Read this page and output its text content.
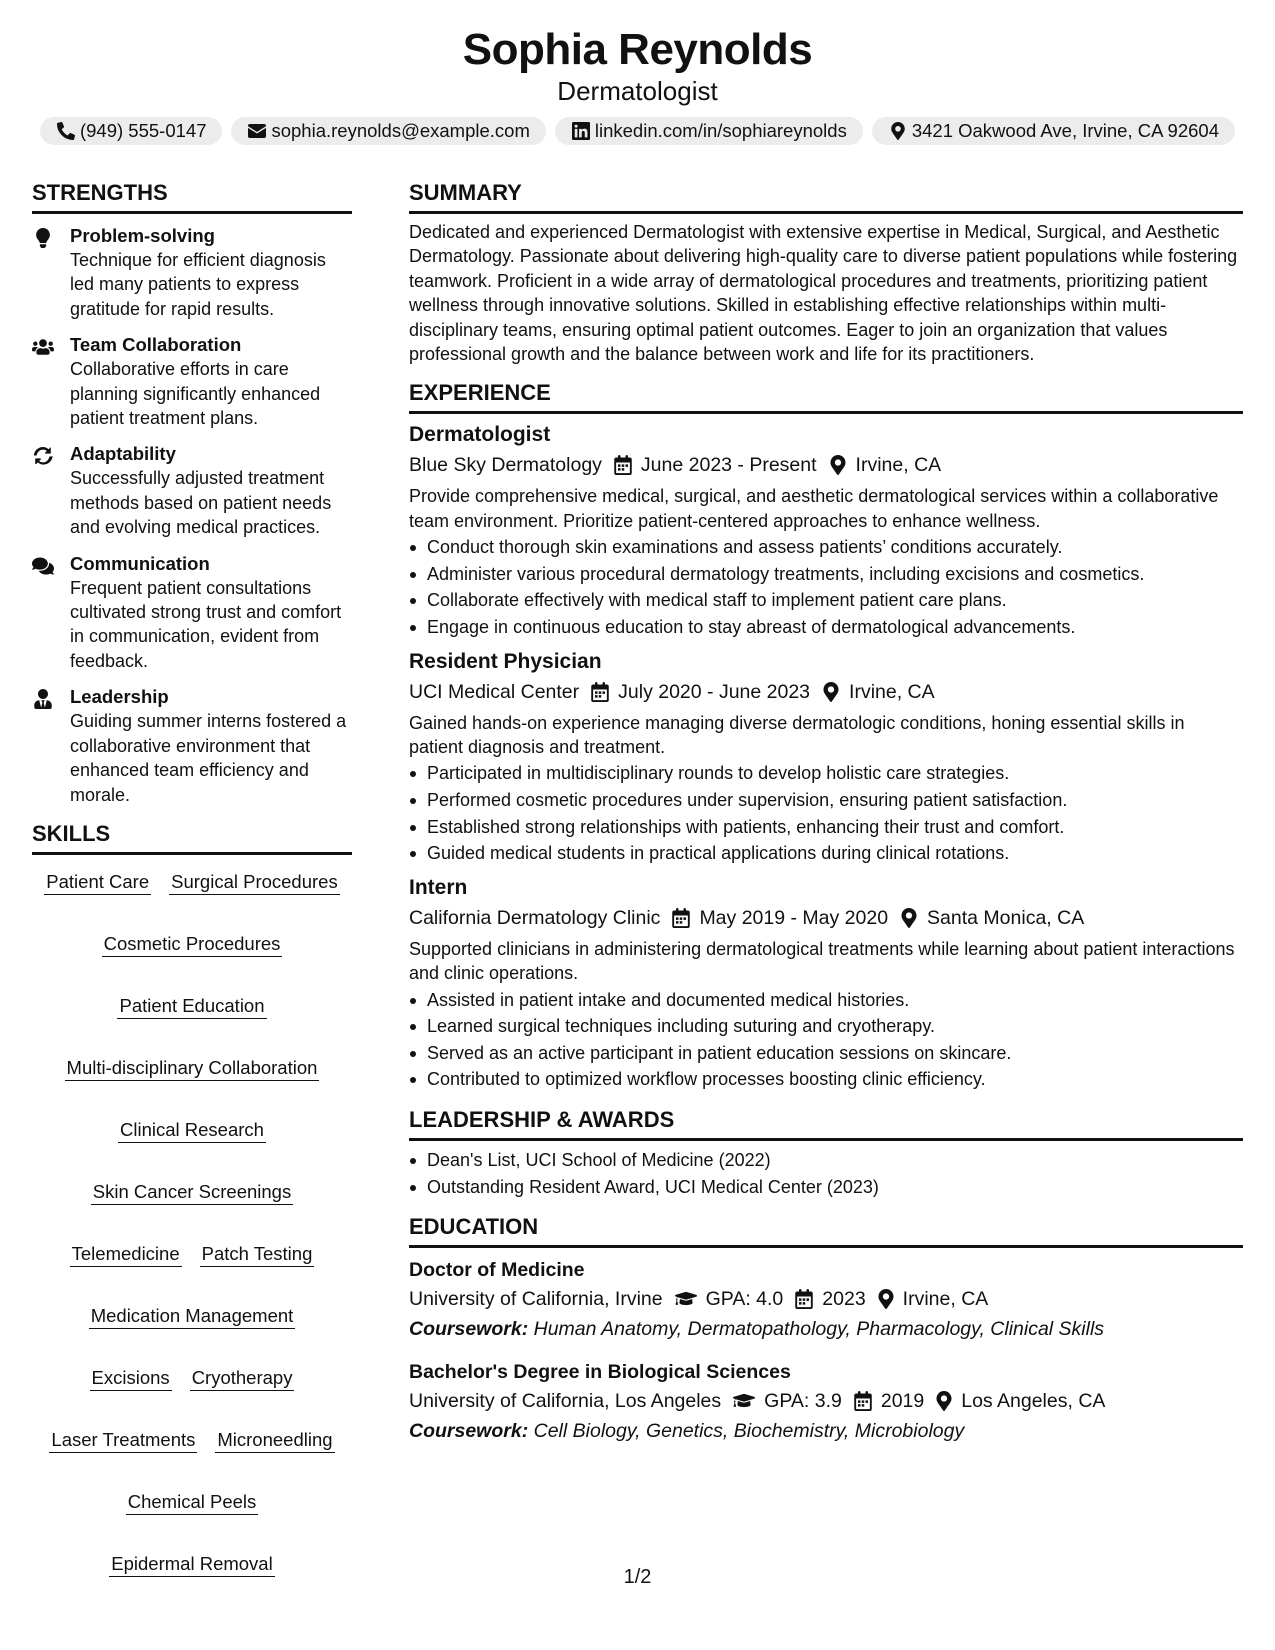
Sophia Reynolds
Dermatologist
(949) 555-0147	sophia.reynolds@example.com	linkedin.com/in/sophiareynolds	3421 Oakwood Ave, Irvine, CA 92604
STRENGTHS
Problem-solving
Technique for efficient diagnosis led many patients to express gratitude for rapid results.
Team Collaboration
Collaborative efforts in care planning significantly enhanced patient treatment plans.
Adaptability
Successfully adjusted treatment methods based on patient needs and evolving medical practices.
Communication
Frequent patient consultations cultivated strong trust and comfort in communication, evident from feedback.
Leadership
Guiding summer interns fostered a collaborative environment that enhanced team efficiency and morale.
SKILLS
Patient Care Surgical Procedures
Cosmetic Procedures
Patient Education
Multi-disciplinary Collaboration
Clinical Research
Skin Cancer Screenings
Telemedicine Patch Testing
Medication Management
Excisions Cryotherapy
Laser Treatments Microneedling
Chemical Peels
Epidermal Removal
SUMMARY
Dedicated and experienced Dermatologist with extensive expertise in Medical, Surgical, and Aesthetic Dermatology. Passionate about delivering high-quality care to diverse patient populations while fostering teamwork. Proficient in a wide array of dermatological procedures and treatments, prioritizing patient wellness through innovative solutions. Skilled in establishing effective relationships within multi-disciplinary teams, ensuring optimal patient outcomes. Eager to join an organization that values professional growth and the balance between work and life for its practitioners.
EXPERIENCE
Dermatologist
Blue Sky Dermatology June 2023 - Present Irvine, CA
Provide comprehensive medical, surgical, and aesthetic dermatological services within a collaborative team environment. Prioritize patient-centered approaches to enhance wellness.
Conduct thorough skin examinations and assess patients’ conditions accurately.
Administer various procedural dermatology treatments, including excisions and cosmetics.
Collaborate effectively with medical staff to implement patient care plans.
Engage in continuous education to stay abreast of dermatological advancements.
Resident Physician
UCI Medical Center July 2020 - June 2023 Irvine, CA
Gained hands-on experience managing diverse dermatologic conditions, honing essential skills in patient diagnosis and treatment.
Participated in multidisciplinary rounds to develop holistic care strategies.
Performed cosmetic procedures under supervision, ensuring patient satisfaction.
Established strong relationships with patients, enhancing their trust and comfort.
Guided medical students in practical applications during clinical rotations.
Intern
California Dermatology Clinic May 2019 - May 2020 Santa Monica, CA
Supported clinicians in administering dermatological treatments while learning about patient interactions and clinic operations.
Assisted in patient intake and documented medical histories.
Learned surgical techniques including suturing and cryotherapy.
Served as an active participant in patient education sessions on skincare.
Contributed to optimized workflow processes boosting clinic efficiency.
LEADERSHIP & AWARDS
Dean's List, UCI School of Medicine (2022)
Outstanding Resident Award, UCI Medical Center (2023)
EDUCATION
Doctor of Medicine
University of California, Irvine GPA: 4.0 2023 Irvine, CA
Coursework: Human Anatomy, Dermatopathology, Pharmacology, Clinical Skills
Bachelor's Degree in Biological Sciences
University of California, Los Angeles GPA: 3.9 2019 Los Angeles, CA
Coursework: Cell Biology, Genetics, Biochemistry, Microbiology
1/2
